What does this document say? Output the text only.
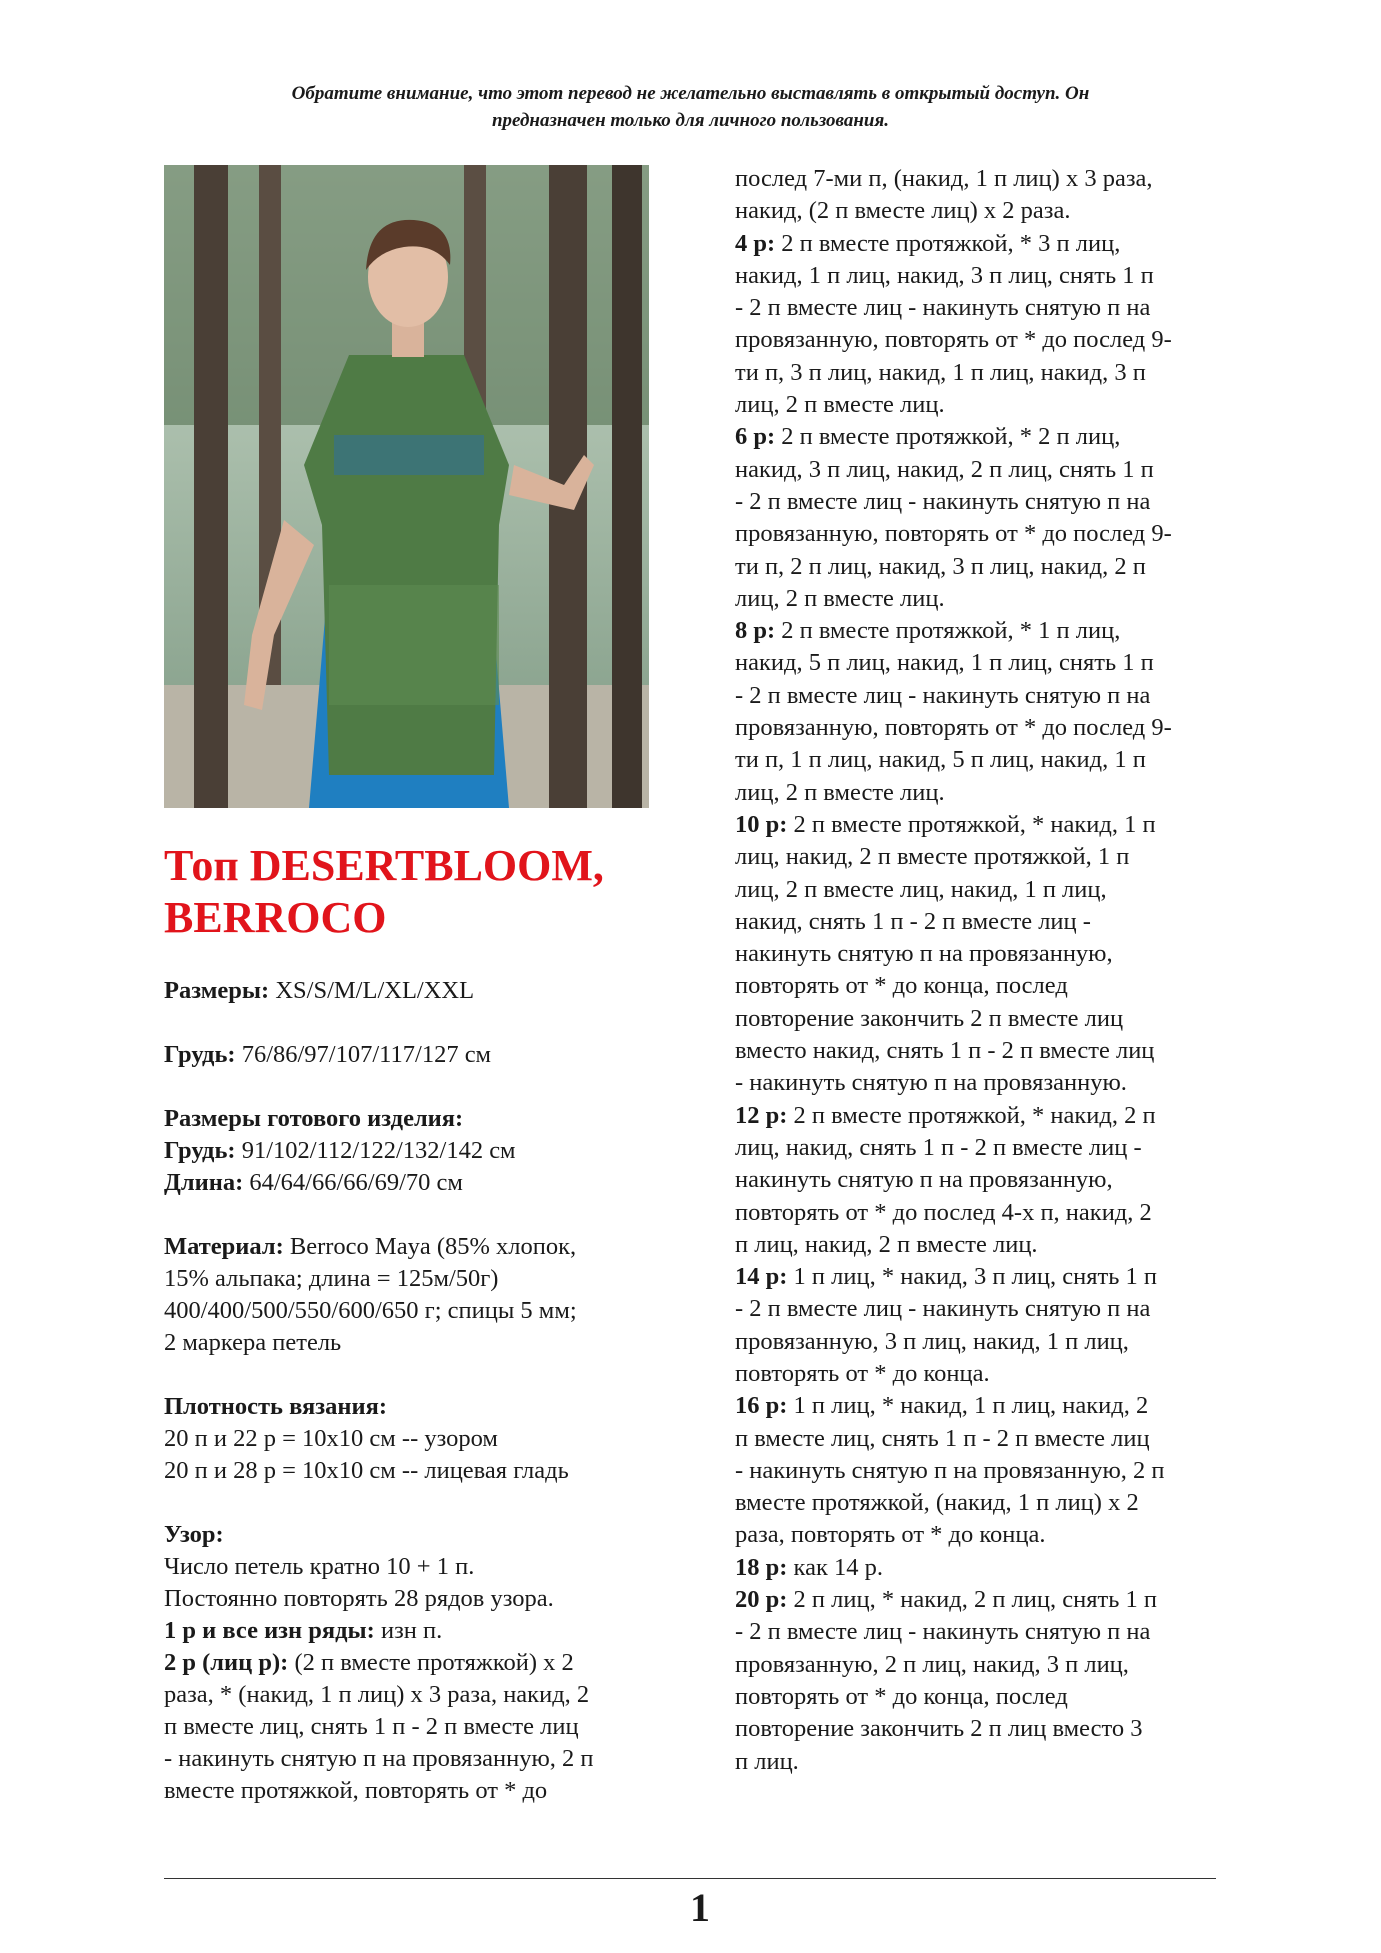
Обратите внимание, что этот перевод не желательно выставлять в открытый доступ. Он
предназначен только для личного пользования.
Топ DESERTBLOOM,
BERROCO
Размеры: XS/S/M/L/XL/XXL
Грудь: 76/86/97/107/117/127 см
Размеры готового изделия:
Грудь: 91/102/112/122/132/142 см
Длина: 64/64/66/66/69/70 см
Материал: Berroco Maya (85% хлопок,
15% альпака; длина = 125м/50г)
400/400/500/550/600/650 г; спицы 5 мм;
2 маркера петель
Плотность вязания:
20 п и 22 р = 10х10 см -- узором
20 п и 28 р = 10х10 см -- лицевая гладь
Узор:
Число петель кратно 10 + 1 п.
Постоянно повторять 28 рядов узора.
1 р и все изн ряды: изн п.
2 р (лиц р): (2 п вместе протяжкой) х 2
раза, * (накид, 1 п лиц) х 3 раза, накид, 2
п вместе лиц, снять 1 п - 2 п вместе лиц
- накинуть снятую п на провязанную, 2 п
вместе протяжкой, повторять от * до
послед 7-ми п, (накид, 1 п лиц) х 3 раза,
накид, (2 п вместе лиц) х 2 раза.
4 р: 2 п вместе протяжкой, * 3 п лиц,
накид, 1 п лиц, накид, 3 п лиц, снять 1 п
- 2 п вместе лиц - накинуть снятую п на
провязанную, повторять от * до послед 9-
ти п, 3 п лиц, накид, 1 п лиц, накид, 3 п
лиц, 2 п вместе лиц.
6 р: 2 п вместе протяжкой, * 2 п лиц,
накид, 3 п лиц, накид, 2 п лиц, снять 1 п
- 2 п вместе лиц - накинуть снятую п на
провязанную, повторять от * до послед 9-
ти п, 2 п лиц, накид, 3 п лиц, накид, 2 п
лиц, 2 п вместе лиц.
8 р: 2 п вместе протяжкой, * 1 п лиц,
накид, 5 п лиц, накид, 1 п лиц, снять 1 п
- 2 п вместе лиц - накинуть снятую п на
провязанную, повторять от * до послед 9-
ти п, 1 п лиц, накид, 5 п лиц, накид, 1 п
лиц, 2 п вместе лиц.
10 р: 2 п вместе протяжкой, * накид, 1 п
лиц, накид, 2 п вместе протяжкой, 1 п
лиц, 2 п вместе лиц, накид, 1 п лиц,
накид, снять 1 п - 2 п вместе лиц -
накинуть снятую п на провязанную,
повторять от * до конца, послед
повторение закончить 2 п вместе лиц
вместо накид, снять 1 п - 2 п вместе лиц
- накинуть снятую п на провязанную.
12 р: 2 п вместе протяжкой, * накид, 2 п
лиц, накид, снять 1 п - 2 п вместе лиц -
накинуть снятую п на провязанную,
повторять от * до послед 4-х п, накид, 2
п лиц, накид, 2 п вместе лиц.
14 р: 1 п лиц, * накид, 3 п лиц, снять 1 п
- 2 п вместе лиц - накинуть снятую п на
провязанную, 3 п лиц, накид, 1 п лиц,
повторять от * до конца.
16 р: 1 п лиц, * накид, 1 п лиц, накид, 2
п вместе лиц, снять 1 п - 2 п вместе лиц
- накинуть снятую п на провязанную, 2 п
вместе протяжкой, (накид, 1 п лиц) х 2
раза, повторять от * до конца.
18 р: как 14 р.
20 р: 2 п лиц, * накид, 2 п лиц, снять 1 п
- 2 п вместе лиц - накинуть снятую п на
провязанную, 2 п лиц, накид, 3 п лиц,
повторять от * до конца, послед
повторение закончить 2 п лиц вместо 3
п лиц.
1
